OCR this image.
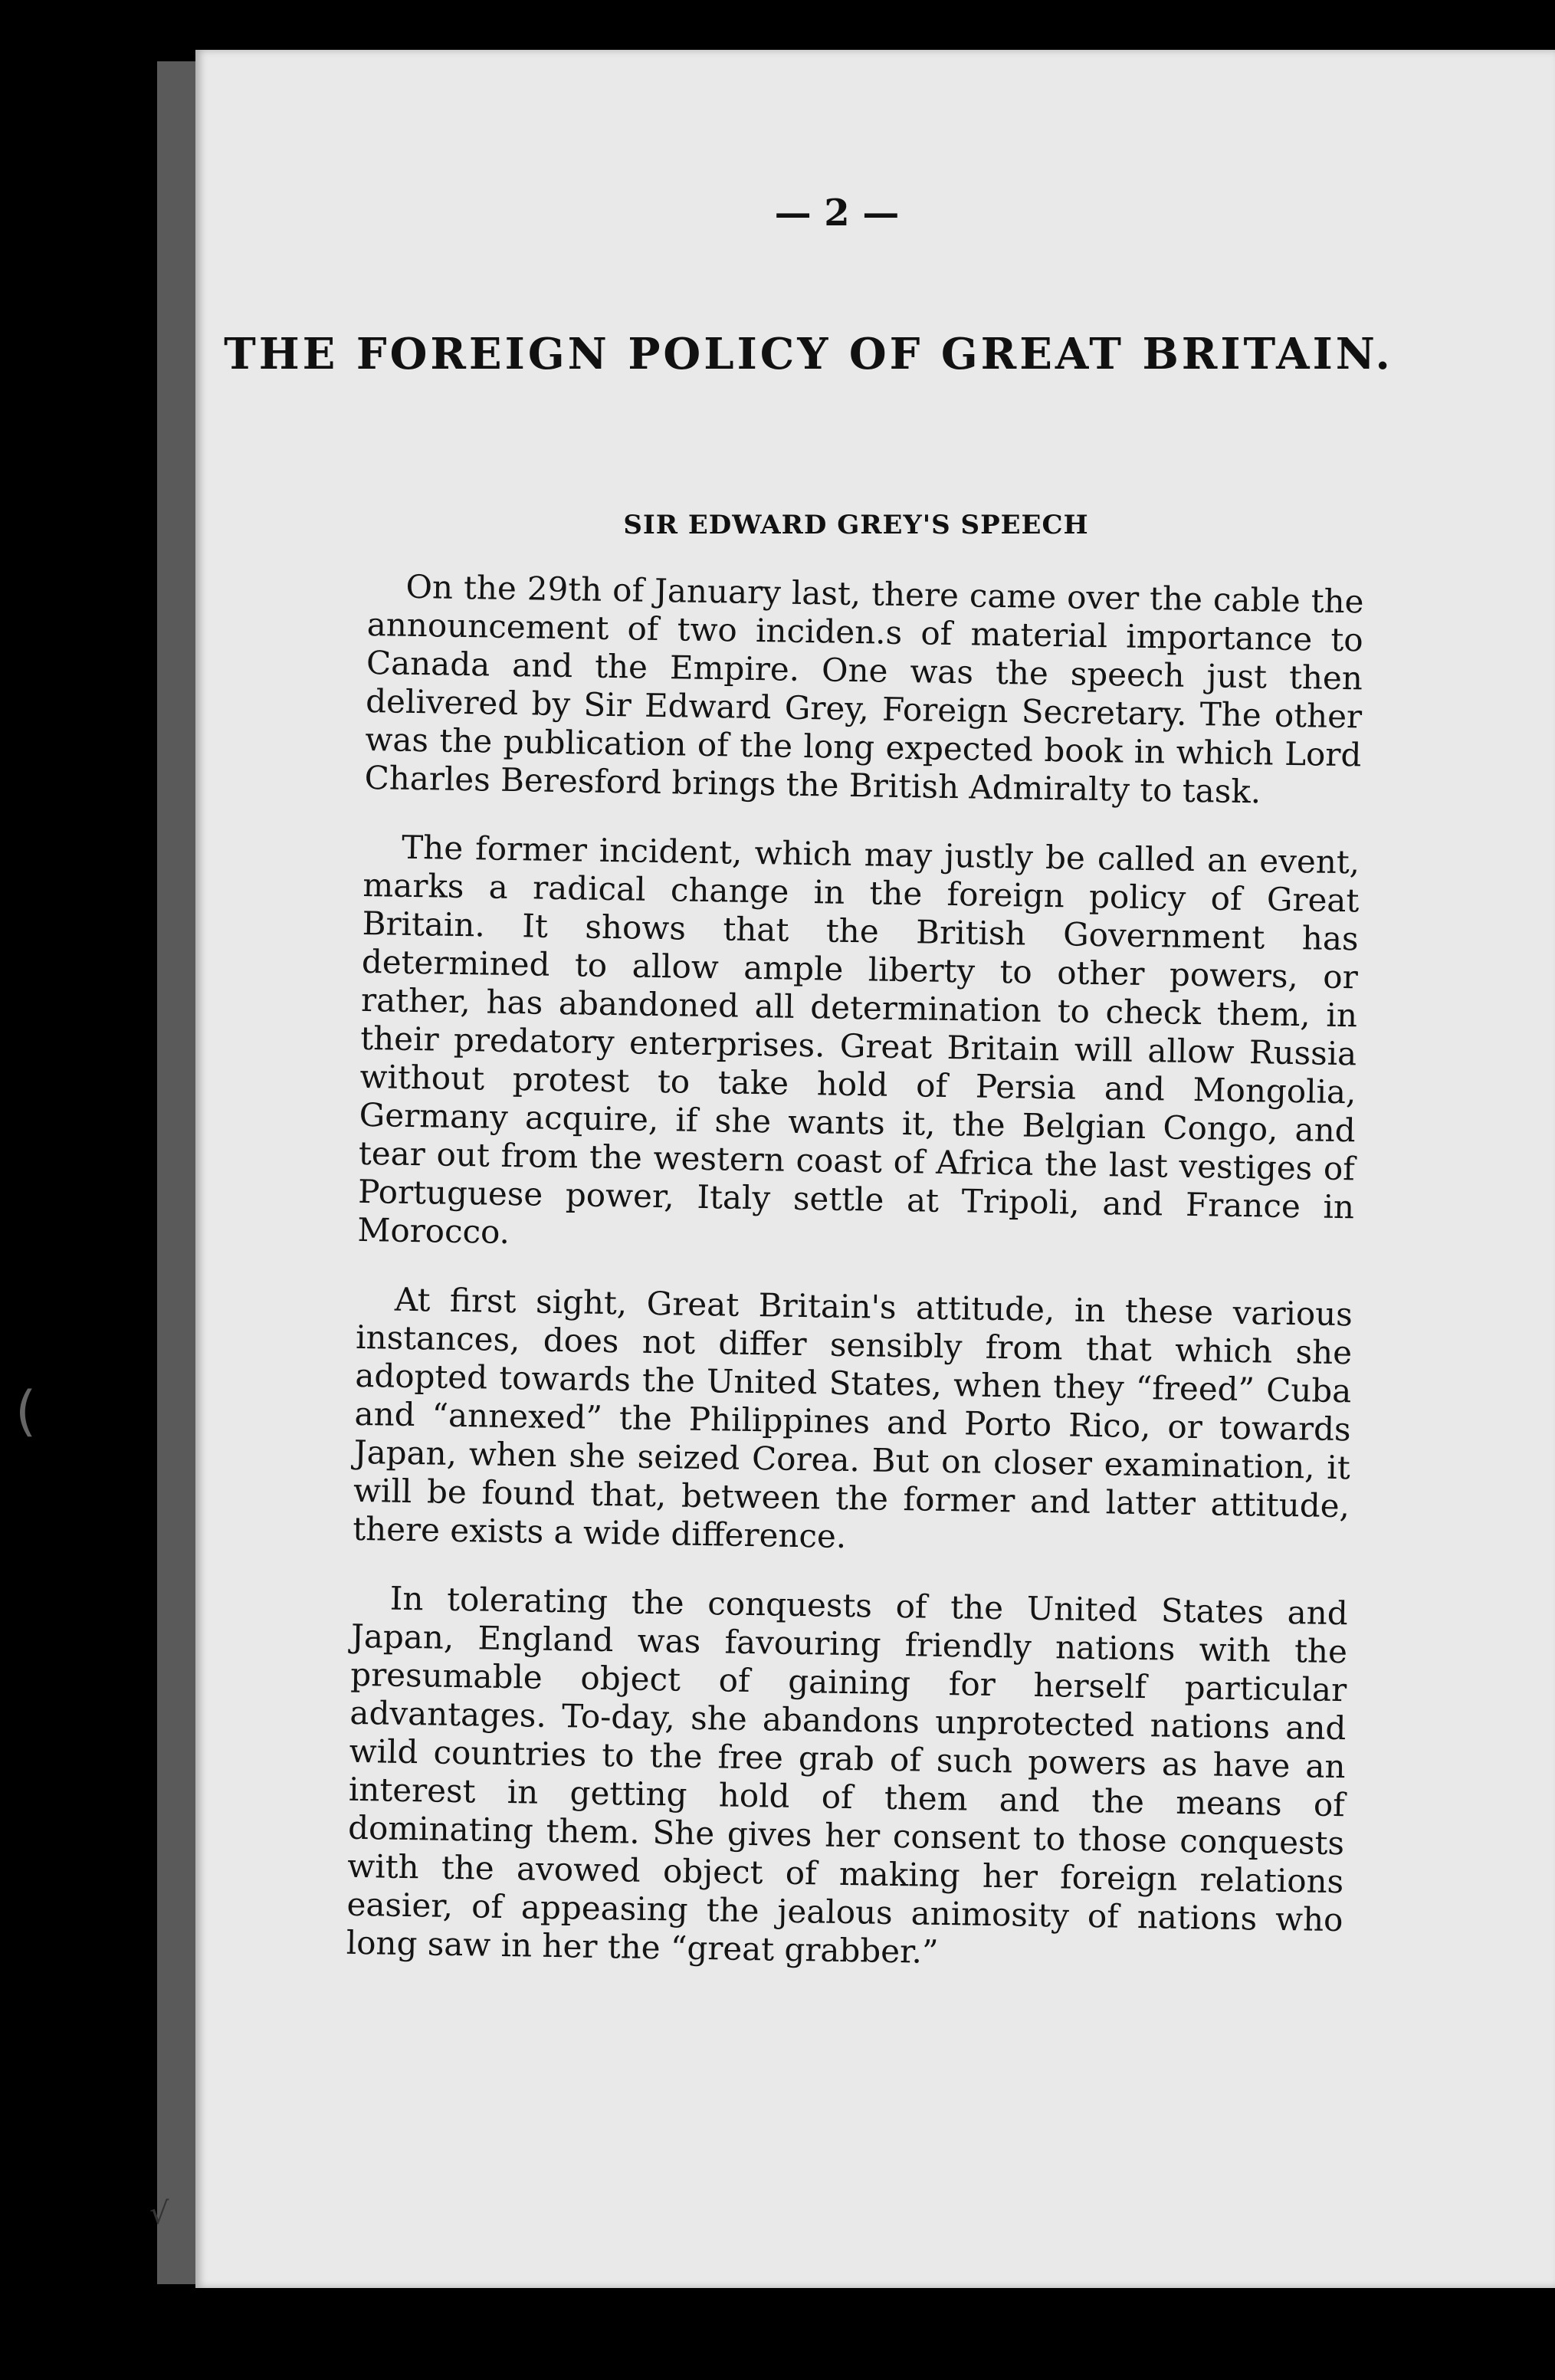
— 2 —
THE FOREIGN POLICY OF GREAT BRITAIN.
SIR EDWARD GREY'S SPEECH

On the 29th of January last, there came over the cable the announcement of two inciden.s of material importance to Canada and the Empire. One was the speech just then delivered by Sir Edward Grey, Foreign Secretary. The other was the publication of the long expected book in which Lord Charles Beresford brings the British Admiralty to task.

The former incident, which may justly be called an event, marks a radical change in the foreign policy of Great Britain. It shows that the British Government has determined to allow ample liberty to other powers, or rather, has abandoned all determination to check them, in their predatory enterprises. Great Britain will allow Russia without protest to take hold of Persia and Mongolia, Germany acquire, if she wants it, the Belgian Congo, and tear out from the western coast of Africa the last vestiges of Portuguese power, Italy settle at Tripoli, and France in Morocco.

At first sight, Great Britain's attitude, in these various instances, does not differ sensibly from that which she adopted towards the United States, when they “freed” Cuba and “annexed” the Philippines and Porto Rico, or towards Japan, when she seized Corea. But on closer examination, it will be found that, between the former and latter attitude, there exists a wide difference.

In tolerating the conquests of the United States and Japan, England was favouring friendly nations with the presumable object of gaining for herself particular advantages. To-day, she abandons unprotected nations and wild countries to the free grab of such powers as have an interest in getting hold of them and the means of dominating them. She gives her consent to those conquests with the avowed object of making her foreign relations easier, of appeasing the jealous animosity of nations who long saw in her the “great grabber.”

(
√
